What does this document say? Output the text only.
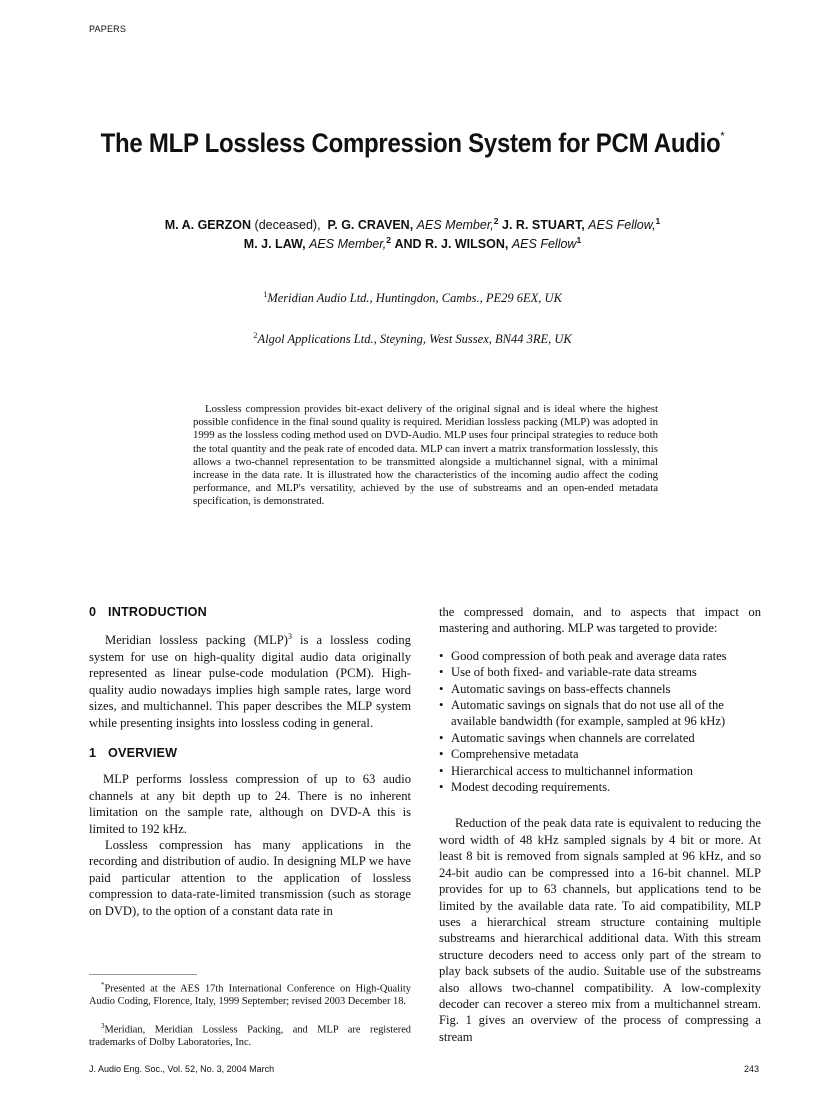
PAPERS
The MLP Lossless Compression System for PCM Audio*
M. A. GERZON (deceased), P. G. CRAVEN, AES Member,$^2$ J. R. STUART, AES Fellow,$^1$
M. J. LAW, AES Member,$^2$ AND R. J. WILSON, AES Fellow$^1$
$^1$Meridian Audio Ltd., Huntingdon, Cambs., PE29 6EX, UK
$^2$Algol Applications Ltd., Steyning, West Sussex, BN44 3RE, UK

Lossless compression provides bit-exact delivery of the original signal and is ideal where the highest possible confidence in the final sound quality is required. Meridian lossless packing (MLP) was adopted in 1999 as the lossless coding method used on DVD-Audio. MLP uses four principal strategies to reduce both the total quantity and the peak rate of encoded data. MLP can invert a matrix transformation losslessly, this allows a two-channel representation to be transmitted alongside a multichannel signal, with a minimal increase in the data rate. It is illustrated how the characteristics of the incoming audio affect the coding performance, and MLP's versatility, achieved by the use of substreams and an open-ended metadata specification, is demonstrated.

0 INTRODUCTION

Meridian lossless packing (MLP)$^3$ is a lossless coding system for use on high-quality digital audio data originally represented as linear pulse-code modulation (PCM). High-quality audio nowadays implies high sample rates, large word sizes, and multichannel. This paper describes the MLP system while presenting insights into lossless coding in general.

1 OVERVIEW

MLP performs lossless compression of up to 63 audio channels at any bit depth up to 24. There is no inherent limitation on the sample rate, although on DVD-A this is limited to 192 kHz.

Lossless compression has many applications in the recording and distribution of audio. In designing MLP we have paid particular attention to the application of lossless compression to data-rate-limited transmission (such as storage on DVD), to the option of a constant data rate in

the compressed domain, and to aspects that impact on mastering and authoring. MLP was targeted to provide:

• Good compression of both peak and average data rates
• Use of both fixed- and variable-rate data streams
• Automatic savings on bass-effects channels
• Automatic savings on signals that do not use all of the available bandwidth (for example, sampled at 96 kHz)
• Automatic savings when channels are correlated
• Comprehensive metadata
• Hierarchical access to multichannel information
• Modest decoding requirements.

Reduction of the peak data rate is equivalent to reducing the word width of 48 kHz sampled signals by 4 bit or more. At least 8 bit is removed from signals sampled at 96 kHz, and so 24-bit audio can be compressed into a 16-bit channel. MLP provides for up to 63 channels, but applications tend to be limited by the available data rate. To aid compatibility, MLP uses a hierarchical stream structure containing multiple substreams and hierarchical additional data. With this stream structure decoders need to access only part of the stream to play back subsets of the audio. Suitable use of the substreams also allows two-channel compatibility. A low-complexity decoder can recover a stereo mix from a multichannel stream. Fig. 1 gives an overview of the process of compressing a stream

*Presented at the AES 17th International Conference on High-Quality Audio Coding, Florence, Italy, 1999 September; revised 2003 December 18.

$^3$Meridian, Meridian Lossless Packing, and MLP are registered trademarks of Dolby Laboratories, Inc.

J. Audio Eng. Soc., Vol. 52, No. 3, 2004 March	243
